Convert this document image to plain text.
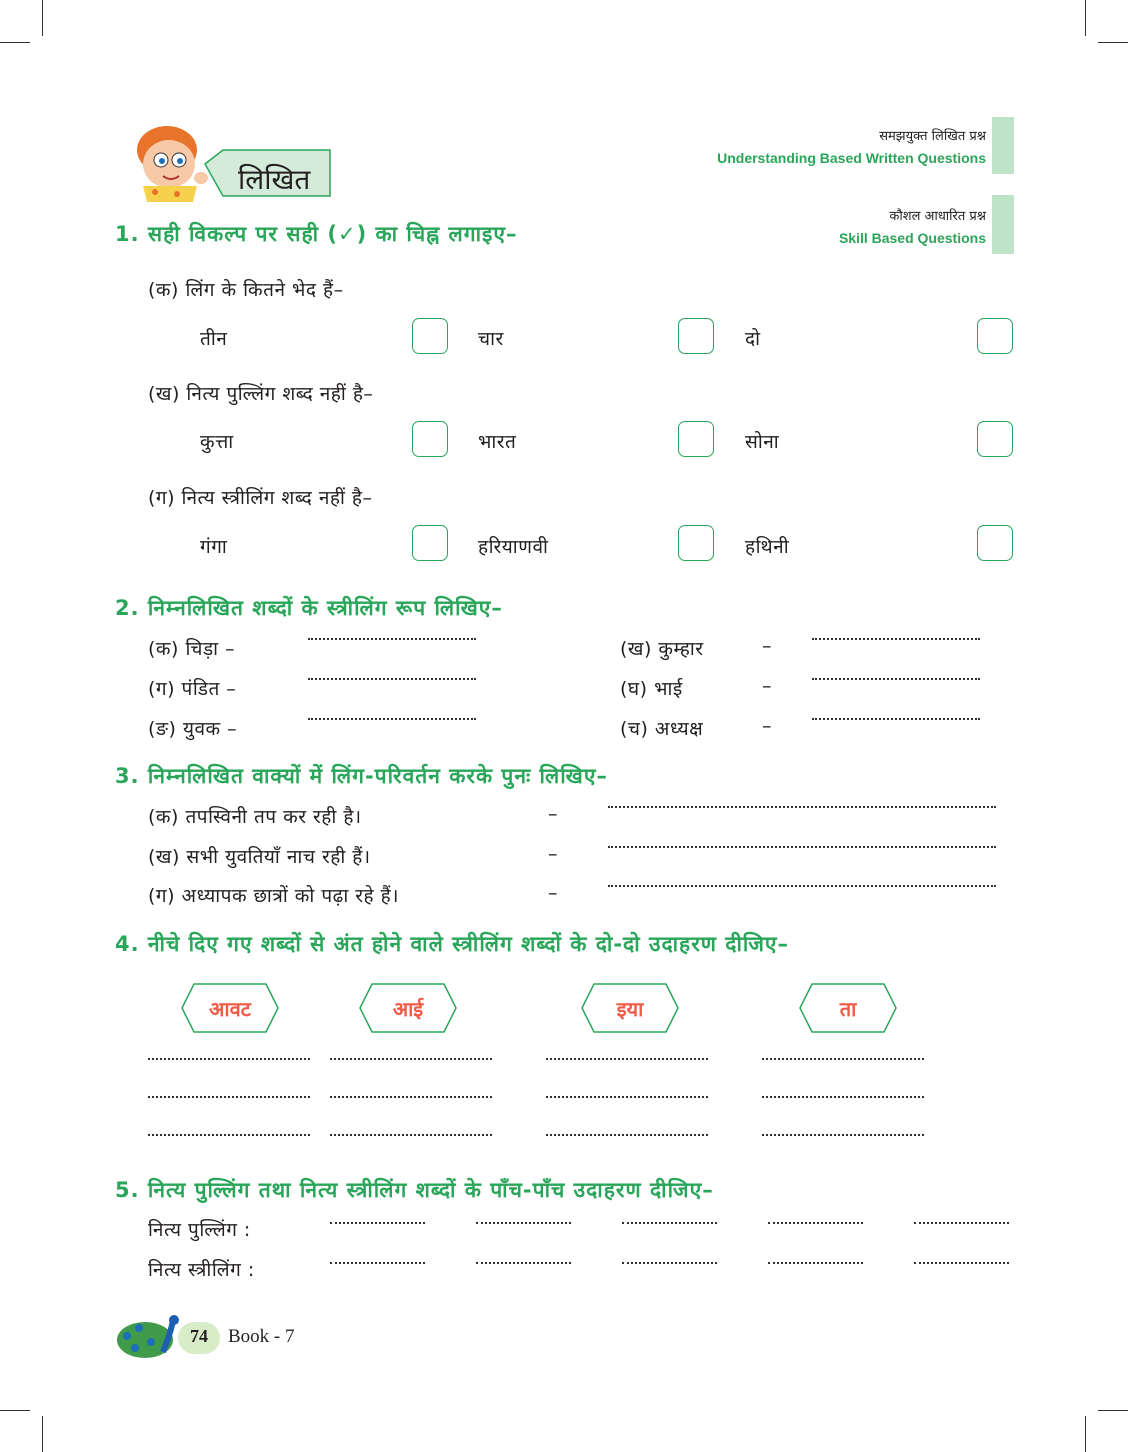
लिखित
समझयुक्त लिखित प्रश्न
Understanding Based Written Questions
कौशल आधारित प्रश्न
Skill Based Questions
1. सही विकल्प पर सही (✓) का चिह्न लगाइए–
(क) लिंग के कितने भेद हैं–
तीन	चार	दो
(ख) नित्य पुल्लिंग शब्द नहीं है–
कुत्ता	भारत	सोना
(ग) नित्य स्त्रीलिंग शब्द नहीं है–
गंगा	हरियाणवी	हथिनी
2. निम्नलिखित शब्दों के स्त्रीलिंग रूप लिखिए–
(क) चिड़ा –	(ख) कुम्हार	–
(ग) पंडित –	(घ) भाई	–
(ङ) युवक –	(च) अध्यक्ष	–
3. निम्नलिखित वाक्यों में लिंग-परिवर्तन करके पुनः लिखिए–
(क) तपस्विनी तप कर रही है।	–
(ख) सभी युवतियाँ नाच रही हैं।	–
(ग) अध्यापक छात्रों को पढ़ा रहे हैं।	–
4. नीचे दिए गए शब्दों से अंत होने वाले स्त्रीलिंग शब्दों के दो-दो उदाहरण दीजिए–
आवट	आई	इया	ता
5. नित्य पुल्लिंग तथा नित्य स्त्रीलिंग शब्दों के पाँच-पाँच उदाहरण दीजिए–
नित्य पुल्लिंग :
नित्य स्त्रीलिंग :
74	Book - 7
